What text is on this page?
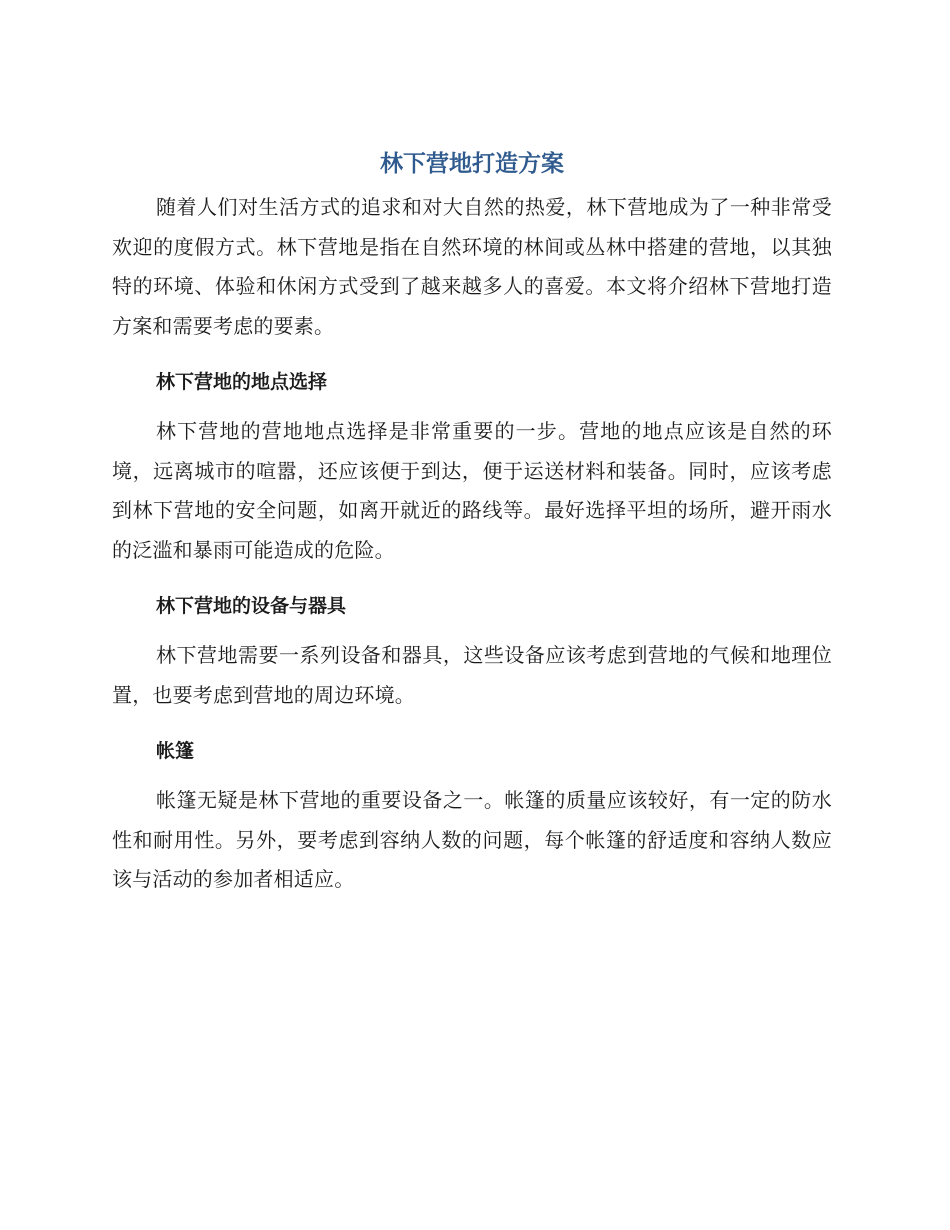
林下营地打造方案

随着人们对生活方式的追求和对大自然的热爱，林下营地成为了一种非常受欢迎的度假方式。林下营地是指在自然环境的林间或丛林中搭建的营地，以其独特的环境、体验和休闲方式受到了越来越多人的喜爱。本文将介绍林下营地打造方案和需要考虑的要素。

林下营地的地点选择

林下营地的营地地点选择是非常重要的一步。营地的地点应该是自然的环境，远离城市的喧嚣，还应该便于到达，便于运送材料和装备。同时，应该考虑到林下营地的安全问题，如离开就近的路线等。最好选择平坦的场所，避开雨水的泛滥和暴雨可能造成的危险。

林下营地的设备与器具

林下营地需要一系列设备和器具，这些设备应该考虑到营地的气候和地理位置，也要考虑到营地的周边环境。

帐篷

帐篷无疑是林下营地的重要设备之一。帐篷的质量应该较好，有一定的防水性和耐用性。另外，要考虑到容纳人数的问题，每个帐篷的舒适度和容纳人数应该与活动的参加者相适应。
